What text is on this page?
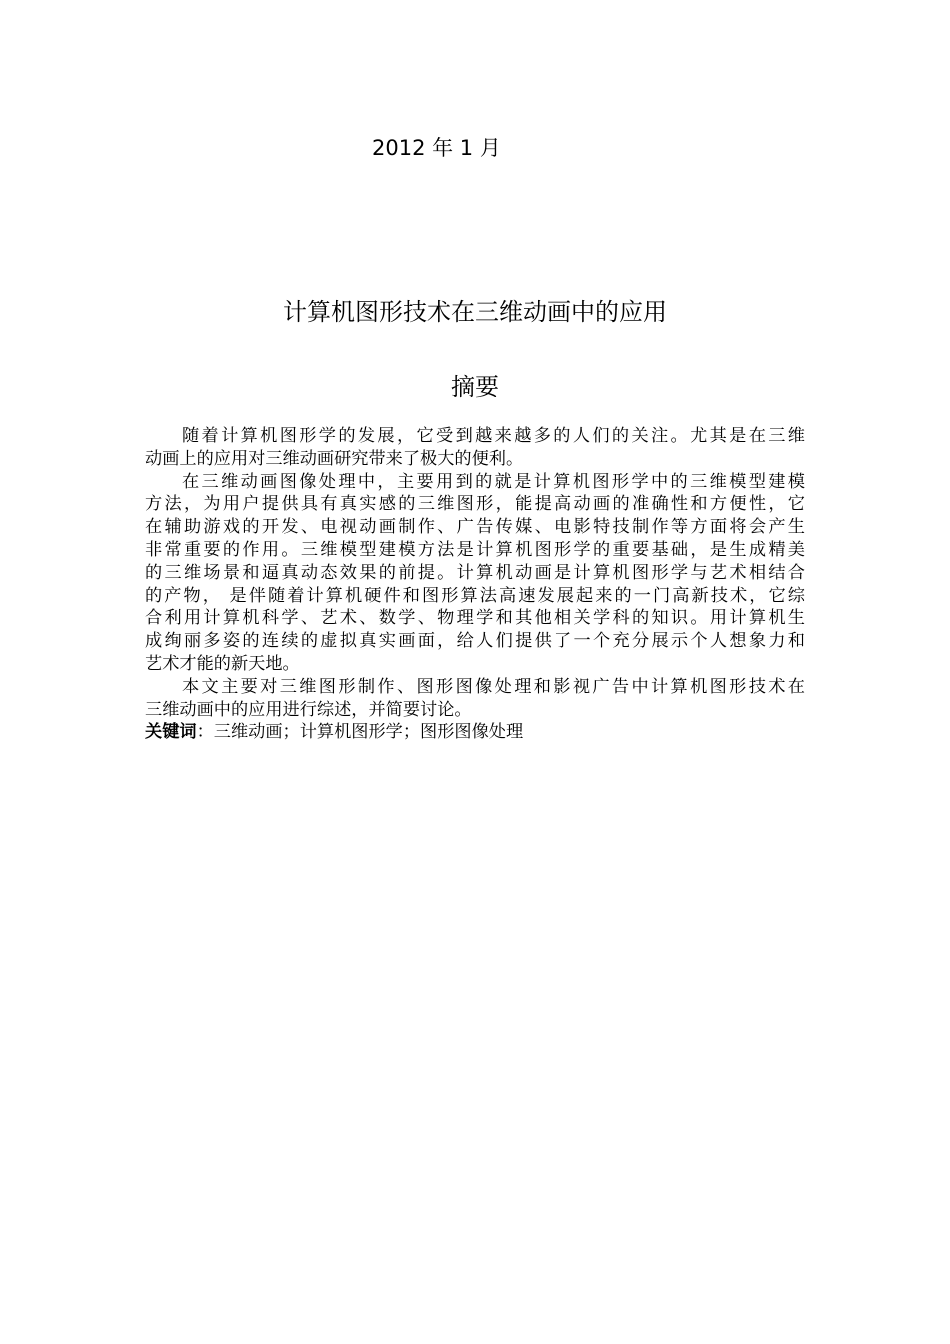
2012 年 1 月
计算机图形技术在三维动画中的应用
摘要

随着计算机图形学的发展，它受到越来越多的人们的关注。尤其是在三维
动画上的应用对三维动画研究带来了极大的便利。

在三维动画图像处理中，主要用到的就是计算机图形学中的三维模型建模
方法，为用户提供具有真实感的三维图形，能提高动画的准确性和方便性，它
在辅助游戏的开发、电视动画制作、广告传媒、电影特技制作等方面将会产生
非常重要的作用。三维模型建模方法是计算机图形学的重要基础，是生成精美
的三维场景和逼真动态效果的前提。计算机动画是计算机图形学与艺术相结合
的产物， 是伴随着计算机硬件和图形算法高速发展起来的一门高新技术，它综
合利用计算机科学、艺术、数学、物理学和其他相关学科的知识。用计算机生
成绚丽多姿的连续的虚拟真实画面，给人们提供了一个充分展示个人想象力和
艺术才能的新天地。

本文主要对三维图形制作、图形图像处理和影视广告中计算机图形技术在
三维动画中的应用进行综述，并简要讨论。

关键词：三维动画；计算机图形学；图形图像处理
